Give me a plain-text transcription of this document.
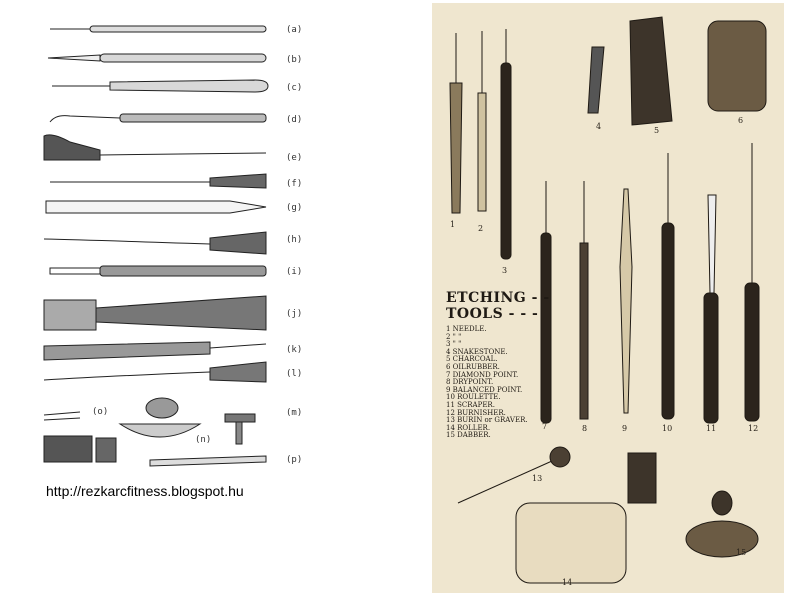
(a)
(b)
(c)
(d)
(e)
(f)
(g)
(h)
(i)
(j)
(k)
(l)
(m)
(p)
(o)
(n)
http://rezkarcfitness.blogspot.hu
1	2
3
4	5
6
7	8	9	10	11	12
13
14
15
ETCHING - -
TOOLS - - -
1 NEEDLE.
2 " "
3 " "
4 SNAKESTONE.
5 CHARCOAL.
6 OILRUBBER.
7 DIAMOND POINT.
8 DRYPOINT.
9 BALANCED POINT.
10 ROULETTE.
11 SCRAPER.
12 BURNISHER.
13 BURIN or GRAVER.
14 ROLLER.
15 DABBER.
